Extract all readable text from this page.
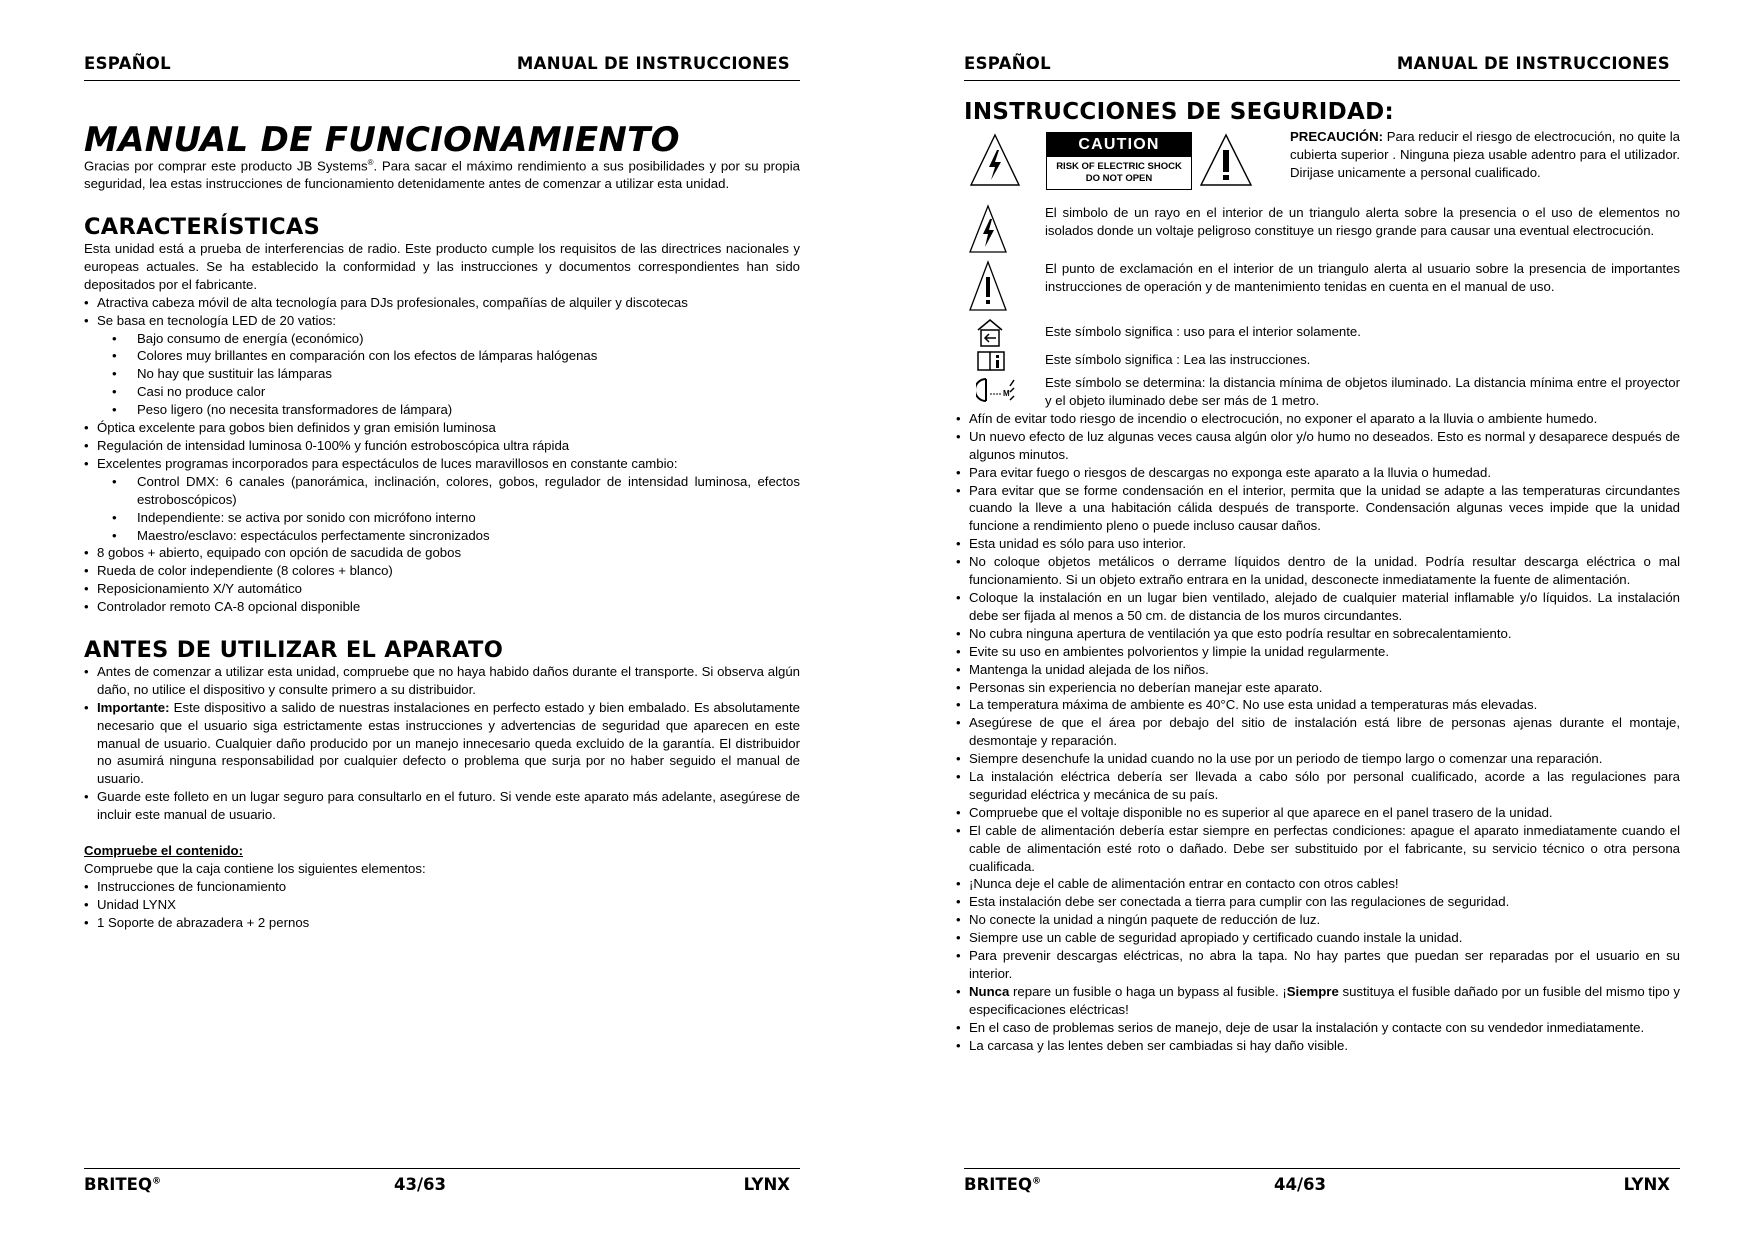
ESPAÑOL	MANUAL DE INSTRUCCIONES
MANUAL DE FUNCIONAMIENTO

Gracias por comprar este producto JB Systems®. Para sacar el máximo rendimiento a sus posibilidades y por su propia seguridad, lea estas instrucciones de funcionamiento detenidamente antes de comenzar a utilizar esta unidad.

CARACTERÍSTICAS

Esta unidad está a prueba de interferencias de radio. Este producto cumple los requisitos de las directrices nacionales y europeas actuales. Se ha establecido la conformidad y las instrucciones y documentos correspondientes han sido depositados por el fabricante.

• Atractiva cabeza móvil de alta tecnología para DJs profesionales, compañías de alquiler y discotecas
• Se basa en tecnología LED de 20 vatios:
• Bajo consumo de energía (económico)
• Colores muy brillantes en comparación con los efectos de lámparas halógenas
• No hay que sustituir las lámparas
• Casi no produce calor
• Peso ligero (no necesita transformadores de lámpara)
• Óptica excelente para gobos bien definidos y gran emisión luminosa
• Regulación de intensidad luminosa 0-100% y función estroboscópica ultra rápida
• Excelentes programas incorporados para espectáculos de luces maravillosos en constante cambio:
• Control DMX: 6 canales (panorámica, inclinación, colores, gobos, regulador de intensidad luminosa, efectos estroboscópicos)
• Independiente: se activa por sonido con micrófono interno
• Maestro/esclavo: espectáculos perfectamente sincronizados
• 8 gobos + abierto, equipado con opción de sacudida de gobos
• Rueda de color independiente (8 colores + blanco)
• Reposicionamiento X/Y automático
• Controlador remoto CA-8 opcional disponible
ANTES DE UTILIZAR EL APARATO
• Antes de comenzar a utilizar esta unidad, compruebe que no haya habido daños durante el transporte. Si observa algún daño, no utilice el dispositivo y consulte primero a su distribuidor.
• Importante: Este dispositivo a salido de nuestras instalaciones en perfecto estado y bien embalado. Es absolutamente necesario que el usuario siga estrictamente estas instrucciones y advertencias de seguridad que aparecen en este manual de usuario. Cualquier daño producido por un manejo innecesario queda excluido de la garantía. El distribuidor no asumirá ninguna responsabilidad por cualquier defecto o problema que surja por no haber seguido el manual de usuario.
• Guarde este folleto en un lugar seguro para consultarlo en el futuro. Si vende este aparato más adelante, asegúrese de incluir este manual de usuario.

Compruebe el contenido:

Compruebe que la caja contiene los siguientes elementos:

• Instrucciones de funcionamiento
• Unidad LYNX
• 1 Soporte de abrazadera + 2 pernos
BRITEQ®	43/63	LYNX
ESPAÑOL	MANUAL DE INSTRUCCIONES
INSTRUCCIONES DE SEGURIDAD:
CAUTION
RISK OF ELECTRIC SHOCK
DO NOT OPEN

PRECAUCIÓN: Para reducir el riesgo de electrocución, no quite la cubierta superior . Ninguna pieza usable adentro para el utilizador. Dirijase unicamente a personal cualificado.

El simbolo de un rayo en el interior de un triangulo alerta sobre la presencia o el uso de elementos no isolados donde un voltaje peligroso constituye un riesgo grande para causar una eventual electrocución.

El punto de exclamación en el interior de un triangulo alerta al usuario sobre la presencia de importantes instrucciones de operación y de mantenimiento tenidas en cuenta en el manual de uso.

Este símbolo significa : uso para el interior solamente.

Este símbolo significa : Lea las instrucciones.

M

Este símbolo se determina: la distancia mínima de objetos iluminado. La distancia mínima entre el proyector y el objeto iluminado debe ser más de 1 metro.

• Afín de evitar todo riesgo de incendio o electrocución, no exponer el aparato a la lluvia o ambiente humedo.
• Un nuevo efecto de luz algunas veces causa algún olor y/o humo no deseados. Esto es normal y desaparece después de algunos minutos.
• Para evitar fuego o riesgos de descargas no exponga este aparato a la lluvia o humedad.
• Para evitar que se forme condensación en el interior, permita que la unidad se adapte a las temperaturas circundantes cuando la lleve a una habitación cálida después de transporte. Condensación algunas veces impide que la unidad funcione a rendimiento pleno o puede incluso causar daños.
• Esta unidad es sólo para uso interior.
• No coloque objetos metálicos o derrame líquidos dentro de la unidad. Podría resultar descarga eléctrica o mal funcionamiento. Si un objeto extraño entrara en la unidad, desconecte inmediatamente la fuente de alimentación.
• Coloque la instalación en un lugar bien ventilado, alejado de cualquier material inflamable y/o líquidos. La instalación debe ser fijada al menos a 50 cm. de distancia de los muros circundantes.
• No cubra ninguna apertura de ventilación ya que esto podría resultar en sobrecalentamiento.
• Evite su uso en ambientes polvorientos y limpie la unidad regularmente.
• Mantenga la unidad alejada de los niños.
• Personas sin experiencia no deberían manejar este aparato.
• La temperatura máxima de ambiente es 40°C. No use esta unidad a temperaturas más elevadas.
• Asegúrese de que el área por debajo del sitio de instalación está libre de personas ajenas durante el montaje, desmontaje y reparación.
• Siempre desenchufe la unidad cuando no la use por un periodo de tiempo largo o comenzar una reparación.
• La instalación eléctrica debería ser llevada a cabo sólo por personal cualificado, acorde a las regulaciones para seguridad eléctrica y mecánica de su país.
• Compruebe que el voltaje disponible no es superior al que aparece en el panel trasero de la unidad.
• El cable de alimentación debería estar siempre en perfectas condiciones: apague el aparato inmediatamente cuando el cable de alimentación esté roto o dañado. Debe ser substituido por el fabricante, su servicio técnico o otra persona cualificada.
• ¡Nunca deje el cable de alimentación entrar en contacto con otros cables!
• Esta instalación debe ser conectada a tierra para cumplir con las regulaciones de seguridad.
• No conecte la unidad a ningún paquete de reducción de luz.
• Siempre use un cable de seguridad apropiado y certificado cuando instale la unidad.
• Para prevenir descargas eléctricas, no abra la tapa. No hay partes que puedan ser reparadas por el usuario en su interior.
• Nunca repare un fusible o haga un bypass al fusible. ¡Siempre sustituya el fusible dañado por un fusible del mismo tipo y especificaciones eléctricas!
• En el caso de problemas serios de manejo, deje de usar la instalación y contacte con su vendedor inmediatamente.
• La carcasa y las lentes deben ser cambiadas si hay daño visible.
BRITEQ®	44/63	LYNX
